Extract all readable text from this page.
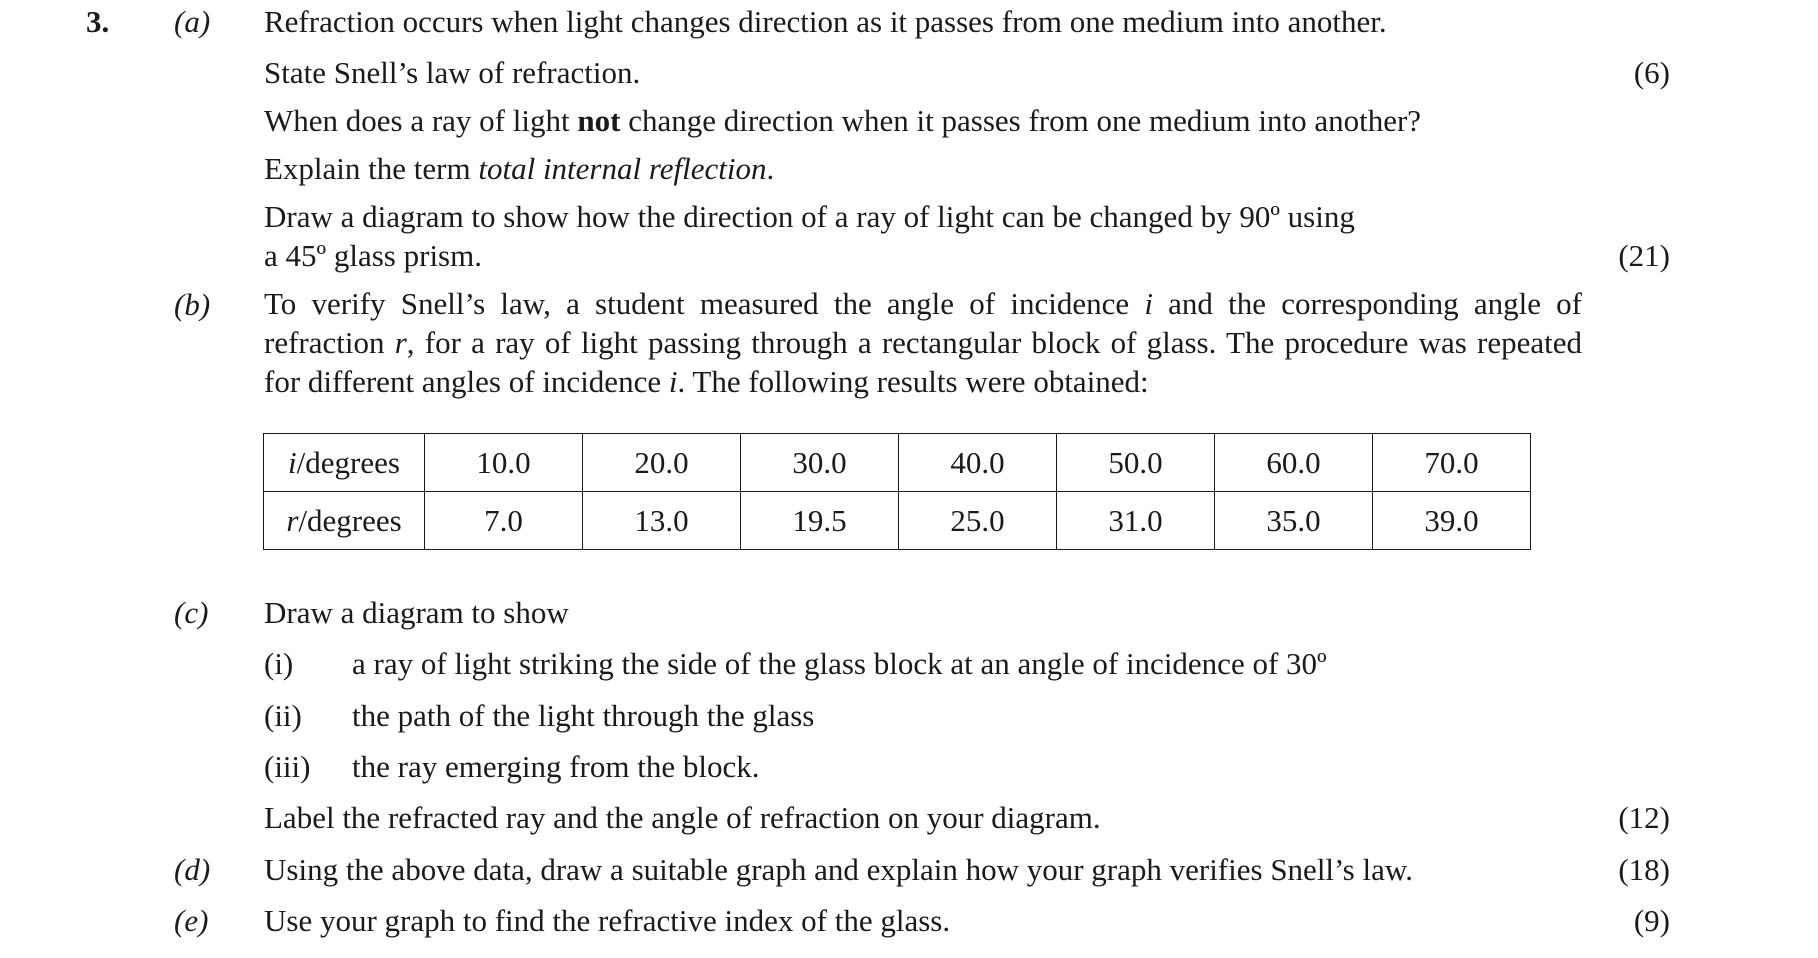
3. (a) Refraction occurs when light changes direction as it passes from one medium into another.
State Snell’s law of refraction.	(6)
When does a ray of light not change direction when it passes from one medium into another?
Explain the term total internal reflection.
Draw a diagram to show how the direction of a ray of light can be changed by 90º using
a 45º glass prism.	(21)
(b) To verify Snell’s law, a student measured the angle of incidence i and the corresponding angle of refraction r, for a ray of light passing through a rectangular block of glass. The procedure was repeated for different angles of incidence i. The following results were obtained:
i/degrees	10.0	20.0	30.0	40.0	50.0	60.0	70.0
r/degrees	7.0	13.0	19.5	25.0	31.0	35.0	39.0
(c) Draw a diagram to show
(i) a ray of light striking the side of the glass block at an angle of incidence of 30º
(ii) the path of the light through the glass
(iii) the ray emerging from the block.
Label the refracted ray and the angle of refraction on your diagram.	(12)
(d) Using the above data, draw a suitable graph and explain how your graph verifies Snell’s law.	(18)
(e) Use your graph to find the refractive index of the glass.	(9)
